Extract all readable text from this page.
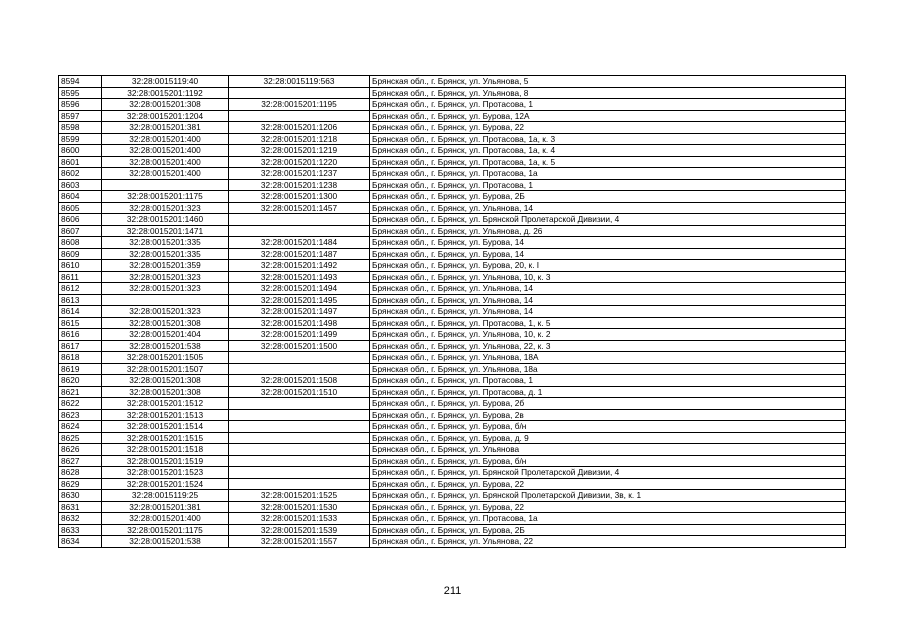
8594	32:28:0015119:40	32:28:0015119:563	Брянская обл., г. Брянск, ул. Ульянова, 5
8595	32:28:0015201:1192		Брянская обл., г. Брянск, ул. Ульянова, 8
8596	32:28:0015201:308	32:28:0015201:1195	Брянская обл., г. Брянск, ул. Протасова, 1
8597	32:28:0015201:1204		Брянская обл., г. Брянск, ул. Бурова, 12А
8598	32:28:0015201:381	32:28:0015201:1206	Брянская обл., г. Брянск, ул. Бурова, 22
8599	32:28:0015201:400	32:28:0015201:1218	Брянская обл., г. Брянск, ул. Протасова, 1а, к. 3
8600	32:28:0015201:400	32:28:0015201:1219	Брянская обл., г. Брянск, ул. Протасова, 1а, к. 4
8601	32:28:0015201:400	32:28:0015201:1220	Брянская обл., г. Брянск, ул. Протасова, 1а, к. 5
8602	32:28:0015201:400	32:28:0015201:1237	Брянская обл., г. Брянск, ул. Протасова, 1а
8603		32:28:0015201:1238	Брянская обл., г. Брянск, ул. Протасова, 1
8604	32:28:0015201:1175	32:28:0015201:1300	Брянская обл., г. Брянск, ул. Бурова, 2Б
8605	32:28:0015201:323	32:28:0015201:1457	Брянская обл., г. Брянск, ул. Ульянова, 14
8606	32:28:0015201:1460		Брянская обл., г. Брянск, ул. Брянской Пролетарской Дивизии, 4
8607	32:28:0015201:1471		Брянская обл., г. Брянск, ул. Ульянова, д. 26
8608	32:28:0015201:335	32:28:0015201:1484	Брянская обл., г. Брянск, ул. Бурова, 14
8609	32:28:0015201:335	32:28:0015201:1487	Брянская обл., г. Брянск, ул. Бурова, 14
8610	32:28:0015201:359	32:28:0015201:1492	Брянская обл., г. Брянск, ул. Бурова, 20, к. I
8611	32:28:0015201:323	32:28:0015201:1493	Брянская обл., г. Брянск, ул. Ульянова, 10, к. 3
8612	32:28:0015201:323	32:28:0015201:1494	Брянская обл., г. Брянск, ул. Ульянова, 14
8613		32:28:0015201:1495	Брянская обл., г. Брянск, ул. Ульянова, 14
8614	32:28:0015201:323	32:28:0015201:1497	Брянская обл., г. Брянск, ул. Ульянова, 14
8615	32:28:0015201:308	32:28:0015201:1498	Брянская обл., г. Брянск, ул. Протасова, 1, к. 5
8616	32:28:0015201:404	32:28:0015201:1499	Брянская обл., г. Брянск, ул. Ульянова, 10, к. 2
8617	32:28:0015201:538	32:28:0015201:1500	Брянская обл., г. Брянск, ул. Ульянова, 22, к. 3
8618	32:28:0015201:1505		Брянская обл., г. Брянск, ул. Ульянова, 18А
8619	32:28:0015201:1507		Брянская обл., г. Брянск, ул. Ульянова, 18а
8620	32:28:0015201:308	32:28:0015201:1508	Брянская обл., г. Брянск, ул. Протасова, 1
8621	32:28:0015201:308	32:28:0015201:1510	Брянская обл., г. Брянск, ул. Протасова, д. 1
8622	32:28:0015201:1512		Брянская обл., г. Брянск, ул. Бурова, 2б
8623	32:28:0015201:1513		Брянская обл., г. Брянск, ул. Бурова, 2в
8624	32:28:0015201:1514		Брянская обл., г. Брянск, ул. Бурова, б/н
8625	32:28:0015201:1515		Брянская обл., г. Брянск, ул. Бурова, д. 9
8626	32:28:0015201:1518		Брянская обл., г. Брянск, ул. Ульянова
8627	32:28:0015201:1519		Брянская обл., г. Брянск, ул. Бурова, б/н
8628	32:28:0015201:1523		Брянская обл., г. Брянск, ул. Брянской Пролетарской Дивизии, 4
8629	32:28:0015201:1524		Брянская обл., г. Брянск, ул. Бурова, 22
8630	32:28:0015119:25	32:28:0015201:1525	Брянская обл., г. Брянск, ул. Брянской Пролетарской Дивизии, 3в, к. 1
8631	32:28:0015201:381	32:28:0015201:1530	Брянская обл., г. Брянск, ул. Бурова, 22
8632	32:28:0015201:400	32:28:0015201:1533	Брянская обл., г. Брянск, ул. Протасова, 1а
8633	32:28:0015201:1175	32:28:0015201:1539	Брянская обл., г. Брянск, ул. Бурова, 2Б
8634	32:28:0015201:538	32:28:0015201:1557	Брянская обл., г. Брянск, ул. Ульянова, 22
211
